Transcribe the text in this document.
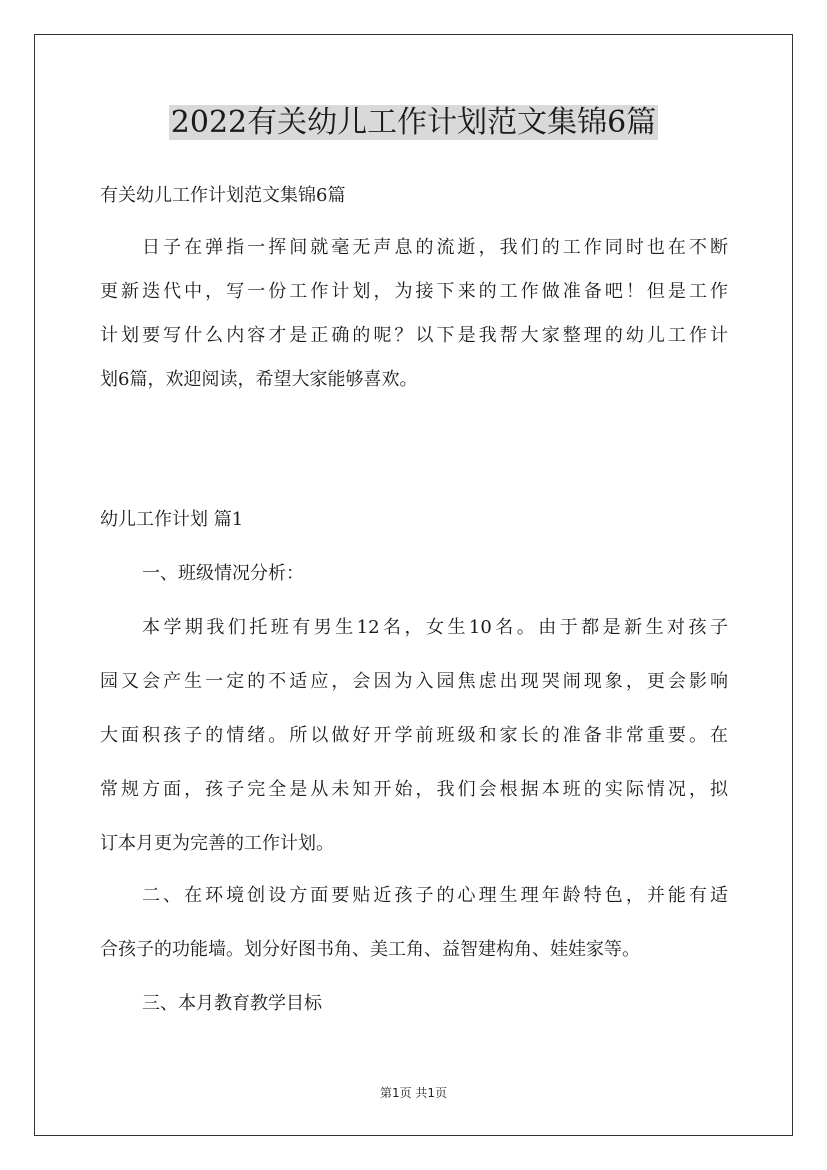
2022有关幼儿工作计划范文集锦6篇
有关幼儿工作计划范文集锦6篇
日子在弹指一挥间就毫无声息的流逝，我们的工作同时也在不断
更新迭代中，写一份工作计划，为接下来的工作做准备吧！但是工作
计划要写什么内容才是正确的呢？以下是我帮大家整理的幼儿工作计
划6篇，欢迎阅读，希望大家能够喜欢。
幼儿工作计划 篇1
一、班级情况分析：
本学期我们托班有男生12名，女生10名。由于都是新生对孩子
园又会产生一定的不适应，会因为入园焦虑出现哭闹现象，更会影响
大面积孩子的情绪。所以做好开学前班级和家长的准备非常重要。在
常规方面，孩子完全是从未知开始，我们会根据本班的实际情况，拟
订本月更为完善的工作计划。
二、在环境创设方面要贴近孩子的心理生理年龄特色，并能有适
合孩子的功能墙。划分好图书角、美工角、益智建构角、娃娃家等。
三、本月教育教学目标
第1页 共1页
